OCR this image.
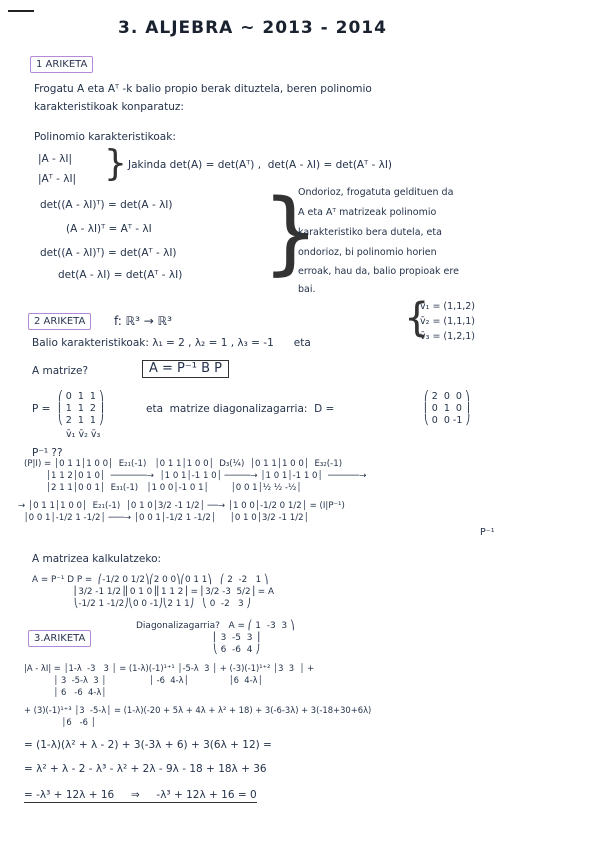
3. ALJEBRA ~ 2013 - 2014
1 ARIKETA
Frogatu A eta Aᵀ -k balio propio berak dituztela, beren polinomio
karakteristikoak konparatuz:
Polinomio karakteristikoak:
|A - λI|
|Aᵀ - λI| } Jakinda det(A) = det(Aᵀ) ,  det(A - λI) = det(Aᵀ - λI)
det((A - λI)ᵀ) = det(A - λI)
(A - λI)ᵀ = Aᵀ - λI
det((A - λI)ᵀ) = det(Aᵀ - λI)
det(A - λI) = det(Aᵀ - λI) }
Ondorioz, frogatuta geldituen da
A eta Aᵀ matrizeak polinomio
karakteristiko bera dutela, eta
ondorioz, bi polinomio horien
erroak, hau da, balio propioak ere
bai.
2 ARIKETA	f: ℝ³ → ℝ³
v̄₁ = (1,1,2)
v̄₂ = (1,1,1)
v̄₃ = (1,2,1)
{
Balio karakteristikoak: λ₁ = 2 , λ₂ = 1 , λ₃ = -1      eta
A matrize?	A = P⁻¹ B P
P =
⎛ 0  1  1 ⎞
⎜ 1  1  2 ⎟
⎝ 2  1  1 ⎠
v̄₁ v̄₂ v̄₃
eta  matrize diagonalizagarria:  D =
⎛ 2  0  0 ⎞
⎜ 0  1  0 ⎟
⎝ 0  0 -1 ⎠
P⁻¹ ??
(P|I) = │0 1 1│1 0 0│  E₂₁(-1)   │0 1 1│1 0 0│  D₃(¼)  │0 1 1│1 0 0│  E₃₂(-1)
│1 1 2│0 1 0│  ───────→  │1 0 1│-1 1 0│ ─────→ │1 0 1│-1 1 0│  ──────→
│2 1 1│0 0 1│  E₃₁(-1)   │1 0 0│-1 0 1│        │0 0 1│½ ½ -½│
→ │0 1 1│1 0 0│  E₂₁(-1)  │0 1 0│3/2 -1 1/2│ ──→ │1 0 0│-1/2 0 1/2│ = (I|P⁻¹)
│0 0 1│-1/2 1 -1/2│ ───→ │0 0 1│-1/2 1 -1/2│     │0 1 0│3/2 -1 1/2│
P⁻¹
A matrizea kalkulatzeko:
A = P⁻¹ D P =  ⎛-1/2 0 1/2⎞⎛2 0 0⎞⎛0 1 1⎞   ⎛ 2  -2   1 ⎞
⎜3/2 -1 1/2⎟⎜0 1 0⎟⎜1 1 2⎟ = ⎜3/2 -3  5/2⎟ = A
⎝-1/2 1 -1/2⎠⎝0 0 -1⎠⎝2 1 1⎠   ⎝ 0  -2   3 ⎠
3.ARIKETA
Diagonalizagarria?   A = ⎛ 1  -3  3 ⎞
⎜ 3  -5  3 ⎟
⎝ 6  -6  4 ⎠
|A - λI| = │1-λ  -3   3 │ = (1-λ)(-1)¹⁺¹ │-5-λ  3 │ + (-3)(-1)¹⁺² │3  3  │ +
│ 3  -5-λ  3 │                │ -6  4-λ│               │6  4-λ│
│ 6   -6  4-λ│
+ (3)(-1)¹⁺³ │3  -5-λ│ = (1-λ)(-20 + 5λ + 4λ + λ² + 18) + 3(-6-3λ) + 3(-18+30+6λ)
│6   -6 │
= (1-λ)(λ² + λ - 2) + 3(-3λ + 6) + 3(6λ + 12) =
= λ² + λ - 2 - λ³ - λ² + 2λ - 9λ - 18 + 18λ + 36
= -λ³ + 12λ + 16     ⇒     -λ³ + 12λ + 16 = 0
